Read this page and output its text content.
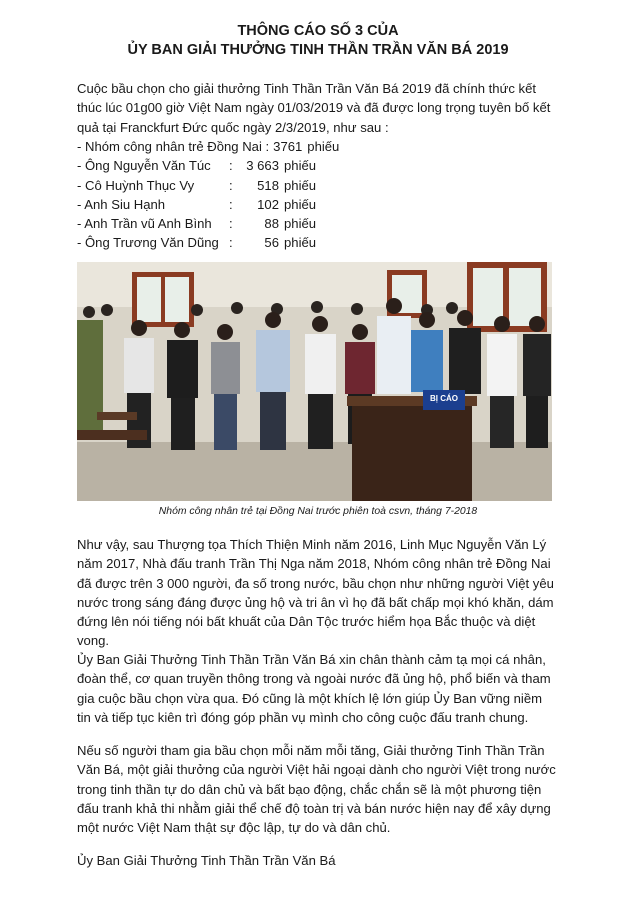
THÔNG CÁO SỐ 3 CỦA
ỦY BAN GIẢI THƯỞNG TINH THẦN TRẦN VĂN BÁ 2019

Cuộc bầu chọn cho giải thưởng Tinh Thần Trần Văn Bá 2019 đã chính thức kết thúc lúc 01g00 giờ Việt Nam ngày 01/03/2019 và đã được long trọng tuyên bố kết quả tại Franckfurt Đức quốc ngày 2/3/2019, như sau :

- Nhóm công nhân trẻ Đồng Nai : 3761 phiếu
- Ông Nguyễn Văn Túc : 3 663 phiếu
- Cô Huỳnh Thục Vy	: 518 phiếu
- Anh Siu Hạnh	: 102 phiếu
- Anh Trần vũ Anh Bình : 88 phiếu
- Ông Trương Văn Dũng : 56 phiếu
BỊ CÁO
Nhóm công nhân trẻ tại Đồng Nai trước phiên toà csvn, tháng 7-2018

Như vậy, sau Thượng tọa Thích Thiện Minh năm 2016, Linh Mục Nguyễn Văn Lý năm 2017, Nhà đấu tranh Trần Thị Nga năm 2018, Nhóm công nhân trẻ Đồng Nai đã được trên 3 000 người, đa số trong nước, bầu chọn như những người Việt yêu nước trong sáng đáng được ủng hộ và tri ân vì họ đã bất chấp mọi khó khăn, dám đứng lên nói tiếng nói bất khuất của Dân Tộc trước hiểm họa Bắc thuộc và diệt vong.

Ủy Ban Giải Thưởng Tinh Thần Trần Văn Bá xin chân thành cảm tạ mọi cá nhân, đoàn thể, cơ quan truyền thông trong và ngoài nước đã ủng hộ, phổ biến và tham gia cuộc bầu chọn vừa qua. Đó cũng là một khích lệ lớn giúp Ủy Ban vững niềm tin và tiếp tục kiên trì đóng góp phần vụ mình cho công cuộc đấu tranh chung.

Nếu số người tham gia bầu chọn mỗi năm mỗi tăng, Giải thưởng Tinh Thần Trần Văn Bá, một giải thưởng của người Việt hải ngoại dành cho người Việt trong nước trong tinh thần tự do dân chủ và bất bạo động, chắc chắn sẽ là một phương tiện đấu tranh khả thi nhằm giải thể chế độ toàn trị và bán nước hiện nay để xây dựng một nước Việt Nam thật sự độc lập, tự do và dân chủ.

Ủy Ban Giải Thưởng Tinh Thần Trần Văn Bá
